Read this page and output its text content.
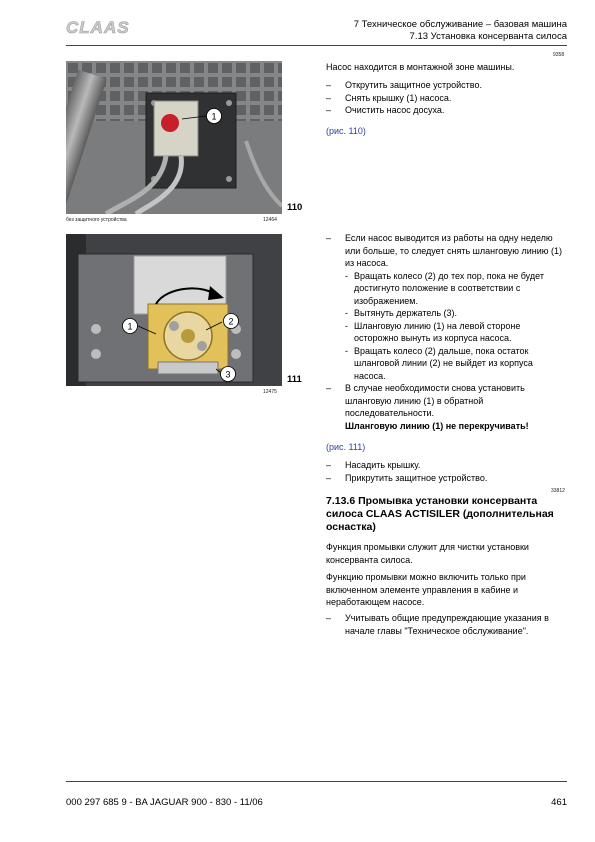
CLAAS	7 Техническое обслуживание – базовая машина
7.13 Установка консерванта силоса
1
без защитного устройства	12464
110
1	2
3
12475
111
9358

Насос находится в монтажной зоне машины.

–	Открутить защитное устройство.
–	Снять крышку (1) насоса.
–	Очистить насос досуха.

(рис. 110)

–	Если насос выводится из работы на одну неделю или больше, то следует снять шланговую линию (1) из насоса.
- Вращать колесо (2) до тех пор, пока не будет достигнуто положение в соответствии с изображением.
- Вытянуть держатель (3).
- Шланговую линию (1) на левой стороне осторожно вынуть из корпуса насоса.
- Вращать колесо (2) дальше, пока остаток шланговой линии (2) не выйдет из корпуса насоса.
–	В случае необходимости снова установить шланговую линию (1) в обратной последовательности.
Шланговую линию (1) не перекручивать!

(рис. 111)

–	Насадить крышку.
–	Прикрутить защитное устройство.
33812

7.13.6 Промывка установки консерванта силоса CLAAS ACTISILER (дополнительная оснастка)

Функция промывки служит для чистки установки консерванта силоса.

Функцию промывки можно включить только при включенном элементе управления в кабине и неработающем насосе.

–	Учитывать общие предупреждающие указания в начале главы "Техническое обслуживание".
000 297 685 9 - BA JAGUAR 900 - 830 - 11/06	461
